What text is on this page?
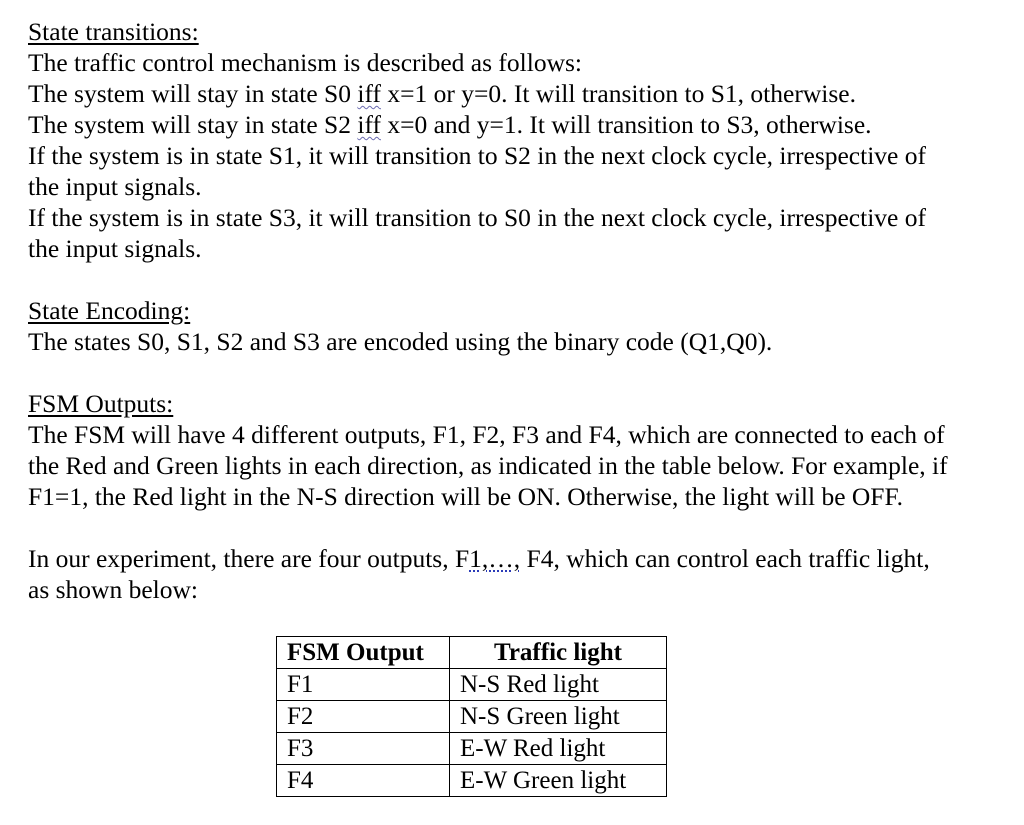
State transitions:
The traffic control mechanism is described as follows:
The system will stay in state S0 iff x=1 or y=0. It will transition to S1, otherwise.
The system will stay in state S2 iff x=0 and y=1. It will transition to S3, otherwise.
If the system is in state S1, it will transition to S2 in the next clock cycle, irrespective of
the input signals.
If the system is in state S3, it will transition to S0 in the next clock cycle, irrespective of
the input signals.
State Encoding:
The states S0, S1, S2 and S3 are encoded using the binary code (Q1,Q0).
FSM Outputs:
The FSM will have 4 different outputs, F1, F2, F3 and F4, which are connected to each of
the Red and Green lights in each direction, as indicated in the table below. For example, if
F1=1, the Red light in the N-S direction will be ON. Otherwise, the light will be OFF.
In our experiment, there are four outputs, F1,…, F4, which can control each traffic light,
as shown below:
FSM Output	Traffic light
F1	N-S Red light
F2	N-S Green light
F3	E-W Red light
F4	E-W Green light
